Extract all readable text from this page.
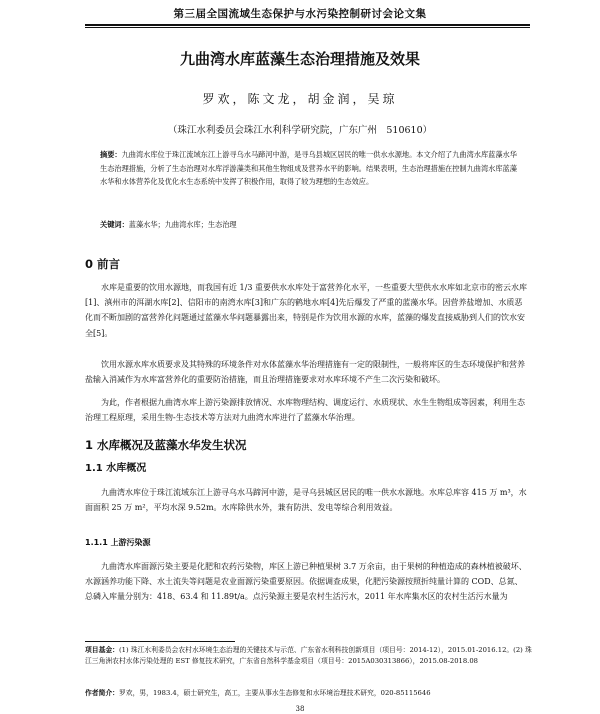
第三届全国流域生态保护与水污染控制研讨会论文集
九曲湾水库蓝藻生态治理措施及效果
罗欢，陈文龙，胡金润，吴琼
（珠江水利委员会珠江水利科学研究院，广东广州　510610）
摘要：九曲湾水库位于珠江流域东江上游寻乌水马蹄河中游，是寻乌县城区居民的唯一供水水源地。本文介绍了九曲湾水库蓝藻水华生态治理措施，分析了生态治理对水库浮游藻类和其他生物组成及营养水平的影响。结果表明，生态治理措施在控制九曲湾水库蓝藻水华和水体营养化及优化水生态系统中发挥了积极作用，取得了较为理想的生态效应。
关键词：蓝藻水华；九曲湾水库；生态治理
0 前言
水库是重要的饮用水源地，而我国有近 1/3 重要供水水库处于富营养化水平，一些重要大型供水水库如北京市的密云水库[1]、滇州市的洱湖水库[2]、信阳市的南湾水库[3]和广东的鹤地水库[4]先后爆发了严重的蓝藻水华。因营养盐增加、水质恶化而不断加剧的富营养化问题通过蓝藻水华问题暴露出来，特别是作为饮用水源的水库，蓝藻的爆发直接威胁到人们的饮水安全[5]。
饮用水源水库水质要求及其特殊的环境条件对水体蓝藻水华治理措施有一定的限制性，一般将库区的生态环境保护和营养盐输入消减作为水库富营养化的重要防治措施，而且治理措施要求对水库环境不产生二次污染和破坏。
为此，作者根据九曲湾水库上游污染源排放情况、水库物理结构、调度运行、水质现状、水生生物组成等因素，利用生态治理工程原理，采用生物-生态技术等方法对九曲湾水库进行了蓝藻水华治理。
1 水库概况及蓝藻水华发生状况
1.1 水库概况
九曲湾水库位于珠江流域东江上游寻乌水马蹄河中游，是寻乌县城区居民的唯一供水水源地。水库总库容 415 万 m³，水面面积 25 万 m²，平均水深 9.52m。水库除供水外，兼有防洪、发电等综合利用效益。
1.1.1 上游污染源
九曲湾水库面源污染主要是化肥和农药污染物，库区上游已种植果树 3.7 万余亩，由于果树的种植造成的森林植被破坏、水源涵养功能下降、水土流失等问题是农业面源污染重要原因。依据调查成果，化肥污染源按照折纯量计算的 COD、总氮、总磷入库量分别为：418、63.4 和 11.89t/a。点污染源主要是农村生活污水，2011 年水库集水区的农村生活污水量为
项目基金：(1) 珠江水利委员会农村水环境生态治理的关键技术与示范、广东省水利科技创新项目（项目号：2014-12），2015.01-2016.12。(2) 珠江三角洲农村水体污染处理的 EST 修复技术研究，广东省自然科学基金项目（项目号：2015A030313866），2015.08-2018.08
作者简介：罗欢，男，1983.4，硕士研究生，高工，主要从事水生态修复和水环境治理技术研究，020-85115646
38
